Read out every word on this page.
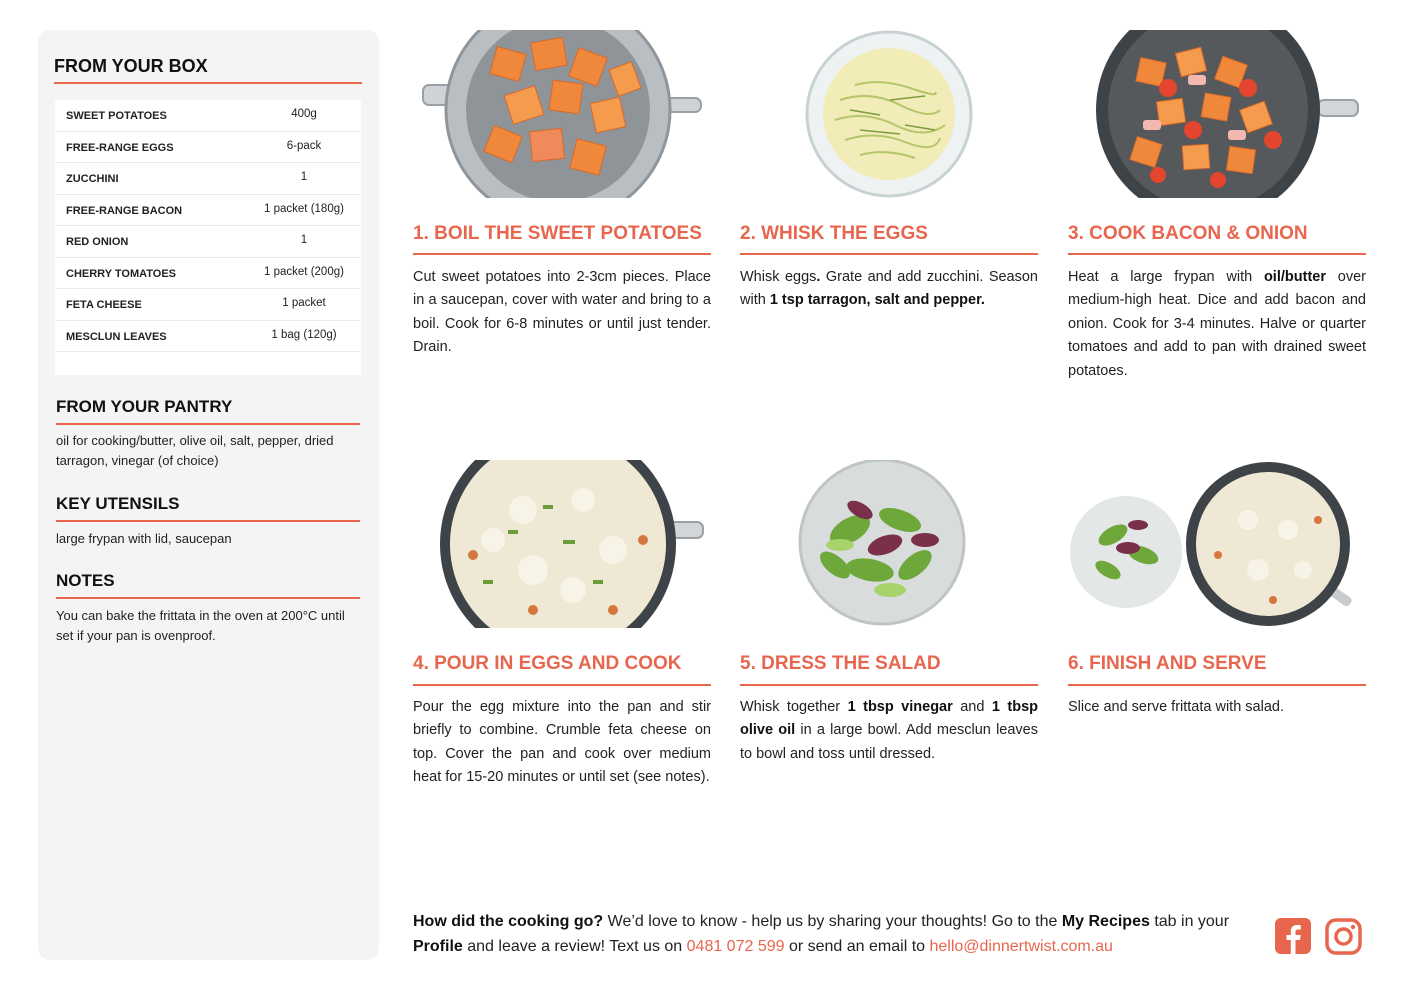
FROM YOUR BOX
SWEET POTATOES	400g
FREE-RANGE EGGS	6-pack
ZUCCHINI	1
FREE-RANGE BACON	1 packet (180g)
RED ONION	1
CHERRY TOMATOES	1 packet (200g)
FETA CHEESE	1 packet
MESCLUN LEAVES	1 bag (120g)
FROM YOUR PANTRY
oil for cooking/butter, olive oil, salt, pepper, dried tarragon, vinegar (of choice)
KEY UTENSILS
large frypan with lid, saucepan
NOTES
You can bake the frittata in the oven at 200°C until set if your pan is ovenproof.
1. BOIL THE SWEET POTATOES 2. WHISK THE EGGS	3. COOK BACON & ONION
4. POUR IN EGGS AND COOK	5. DRESS THE SALAD	6. FINISH AND SERVE
Cut sweet potatoes into 2-3cm pieces. Place in a saucepan, cover with water and bring to a boil. Cook for 6-8 minutes or until just tender. Drain.
Whisk eggs. Grate and add zucchini. Season with 1 tsp tarragon, salt and pepper.
Heat a large frypan with oil/butter over medium-high heat. Dice and add bacon and onion. Cook for 3-4 minutes. Halve or quarter tomatoes and add to pan with drained sweet potatoes.
Pour the egg mixture into the pan and stir briefly to combine. Crumble feta cheese on top. Cover the pan and cook over medium heat for 15-20 minutes or until set (see notes).
Whisk together 1 tbsp vinegar and 1 tbsp olive oil in a large bowl. Add mesclun leaves to bowl and toss until dressed.
Slice and serve frittata with salad.
How did the cooking go? We’d love to know - help us by sharing your thoughts! Go to the My Recipes tab in your Profile and leave a review! Text us on 0481 072 599 or send an email to hello@dinnertwist.com.au
